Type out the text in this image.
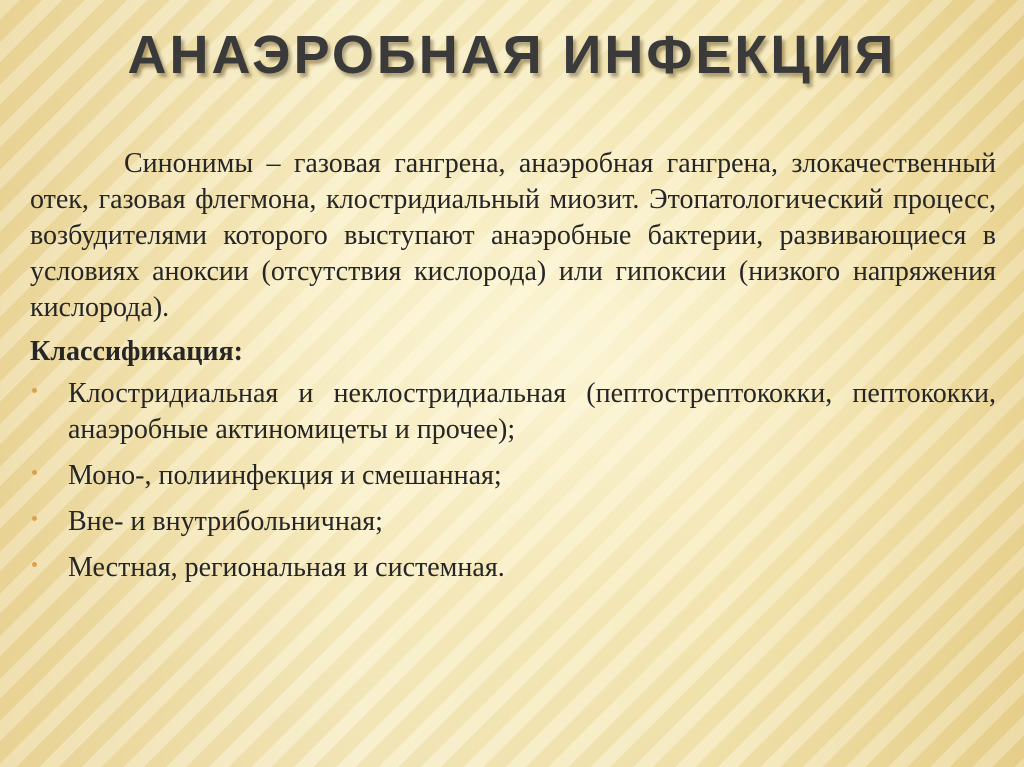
АНАЭРОБНАЯ ИНФЕКЦИЯ

Синонимы – газовая гангрена, анаэробная гангрена, злокачественный отек, газовая флегмона, клостридиальный миозит. Этопатологический процесс, возбудителями которого выступают анаэробные бактерии, развивающиеся в условиях аноксии (отсутствия кислорода) или гипоксии (низкого напряжения кислорода).

Классификация:

Клостридиальная и неклостридиальная (пептострептококки, пептококки, анаэробные актиномицеты и прочее);
Моно-, полиинфекция и смешанная;
Вне- и внутрибольничная;
Местная, региональная и системная.
